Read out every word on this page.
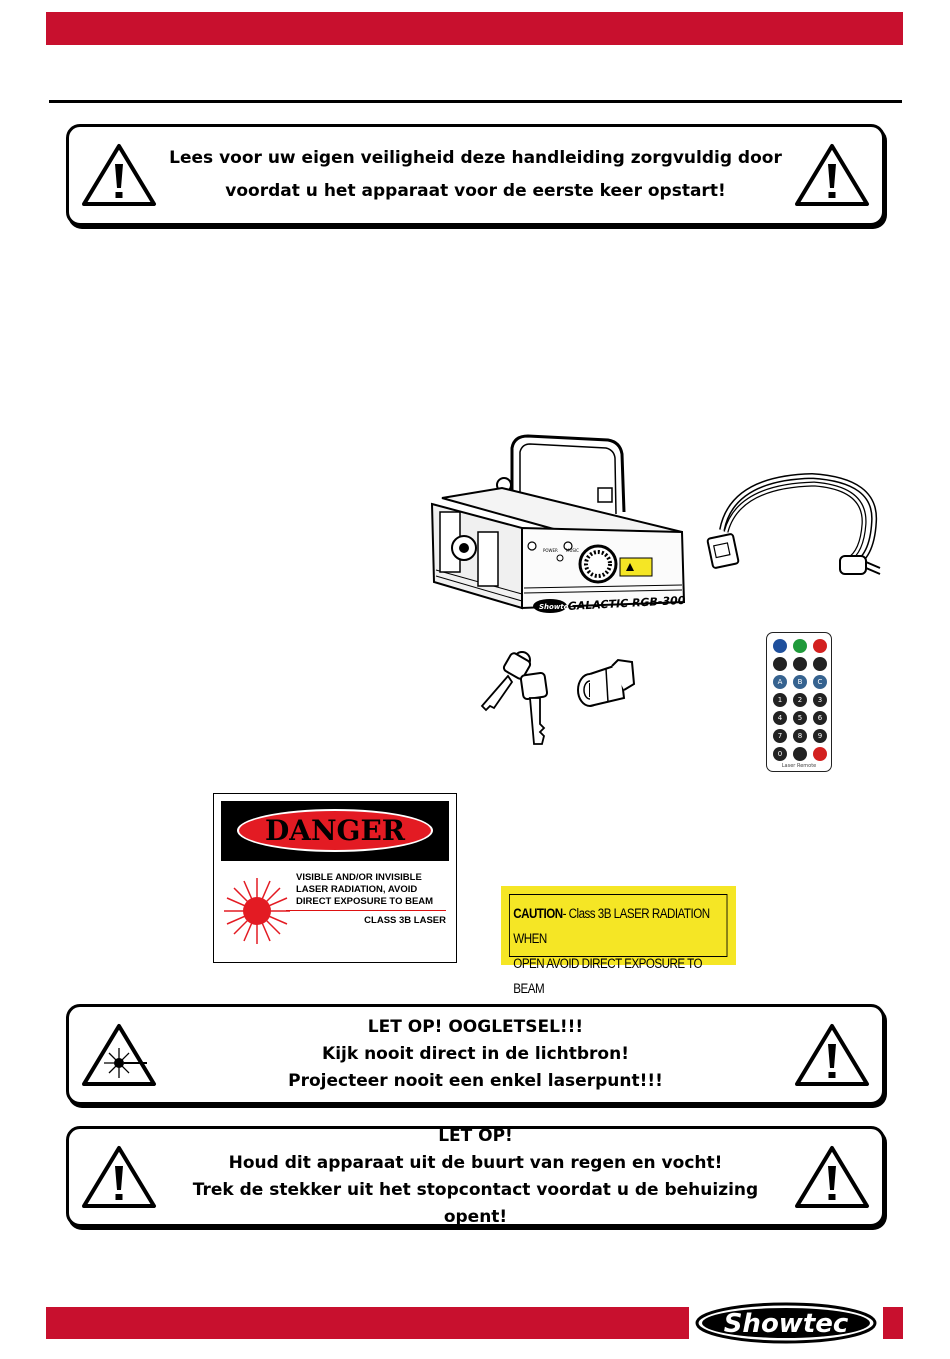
Lees voor uw eigen veiligheid deze handleiding zorgvuldig door
voordat u het apparaat voor de eerste keer opstart!
POWER MUSIC
Showtec
GALACTIC RGB-300
A	B	C
1	2	3
4	5	6
7	8	9
0
Laser Remote
DANGER
VISIBLE AND/OR INVISIBLE
LASER RADIATION, AVOID
DIRECT EXPOSURE TO BEAM
CLASS 3B LASER	CAUTION- Class 3B LASER RADIATION WHEN
OPEN AVOID DIRECT EXPOSURE TO BEAM
LET OP! OOGLETSEL!!!
Kijk nooit direct in de lichtbron!
Projecteer nooit een enkel laserpunt!!!
LET OP!
Houd dit apparaat uit de buurt van regen en vocht!
Trek de stekker uit het stopcontact voordat u de behuizing opent!
Showtec
